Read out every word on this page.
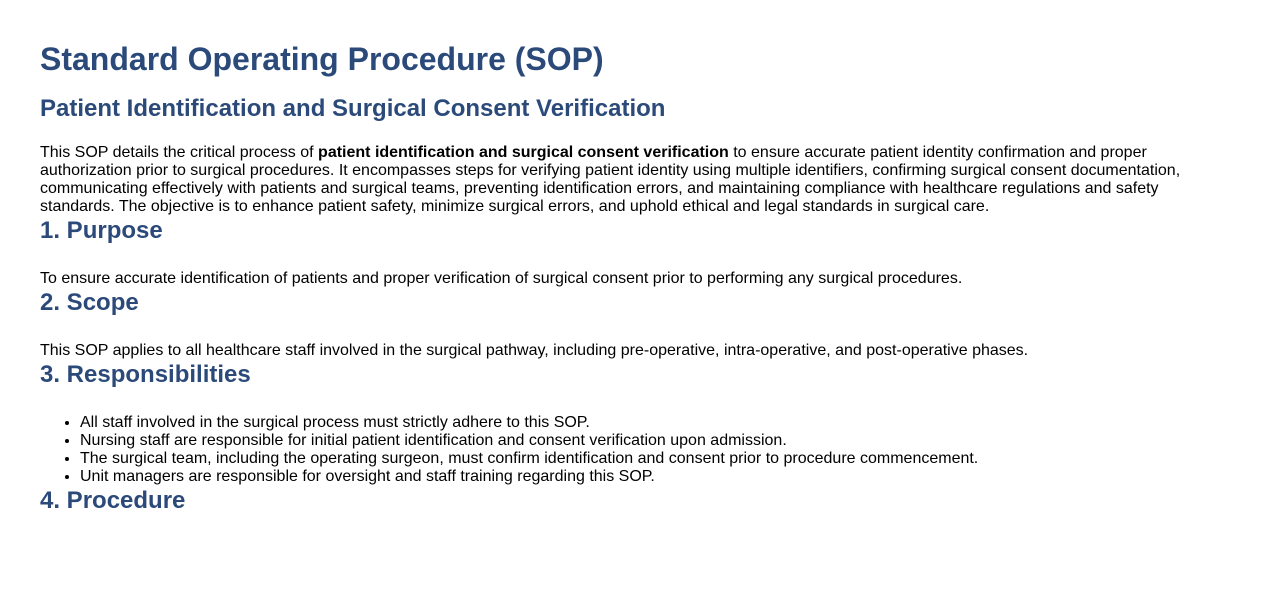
Standard Operating Procedure (SOP)
Patient Identification and Surgical Consent Verification

This SOP details the critical process of patient identification and surgical consent verification to ensure accurate patient identity confirmation and proper authorization prior to surgical procedures. It encompasses steps for verifying patient identity using multiple identifiers, confirming surgical consent documentation, communicating effectively with patients and surgical teams, preventing identification errors, and maintaining compliance with healthcare regulations and safety standards. The objective is to enhance patient safety, minimize surgical errors, and uphold ethical and legal standards in surgical care.

1. Purpose

To ensure accurate identification of patients and proper verification of surgical consent prior to performing any surgical procedures.

2. Scope

This SOP applies to all healthcare staff involved in the surgical pathway, including pre-operative, intra-operative, and post-operative phases.

3. Responsibilities
• All staff involved in the surgical process must strictly adhere to this SOP.
• Nursing staff are responsible for initial patient identification and consent verification upon admission.
• The surgical team, including the operating surgeon, must confirm identification and consent prior to procedure commencement.
• Unit managers are responsible for oversight and staff training regarding this SOP.
4. Procedure
